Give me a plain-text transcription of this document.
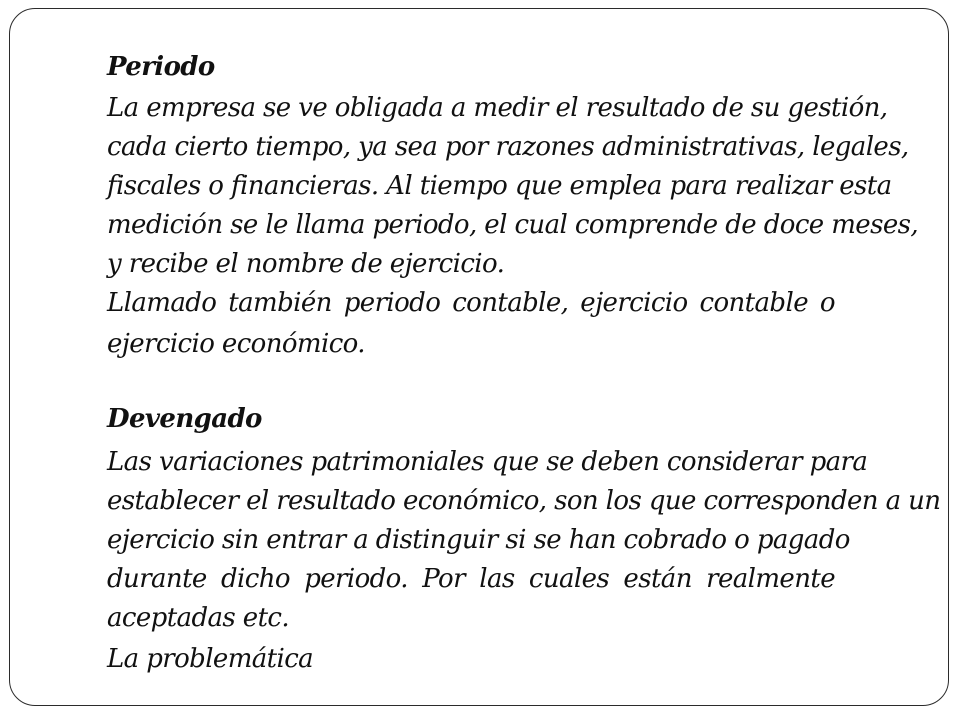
Periodo
La empresa se ve obligada a medir el resultado de su gestión,
cada cierto tiempo, ya sea por razones administrativas, legales,
fiscales o financieras. Al tiempo que emplea para realizar esta
medición se le llama periodo, el cual comprende de doce meses,
y recibe el nombre de ejercicio.
Llamado también periodo contable, ejercicio contable o
ejercicio económico.
Devengado
Las variaciones patrimoniales que se deben considerar para
establecer el resultado económico, son los que corresponden a un
ejercicio sin entrar a distinguir si se han cobrado o pagado
durante dicho periodo. Por las cuales están realmente
aceptadas etc.
La problemática
